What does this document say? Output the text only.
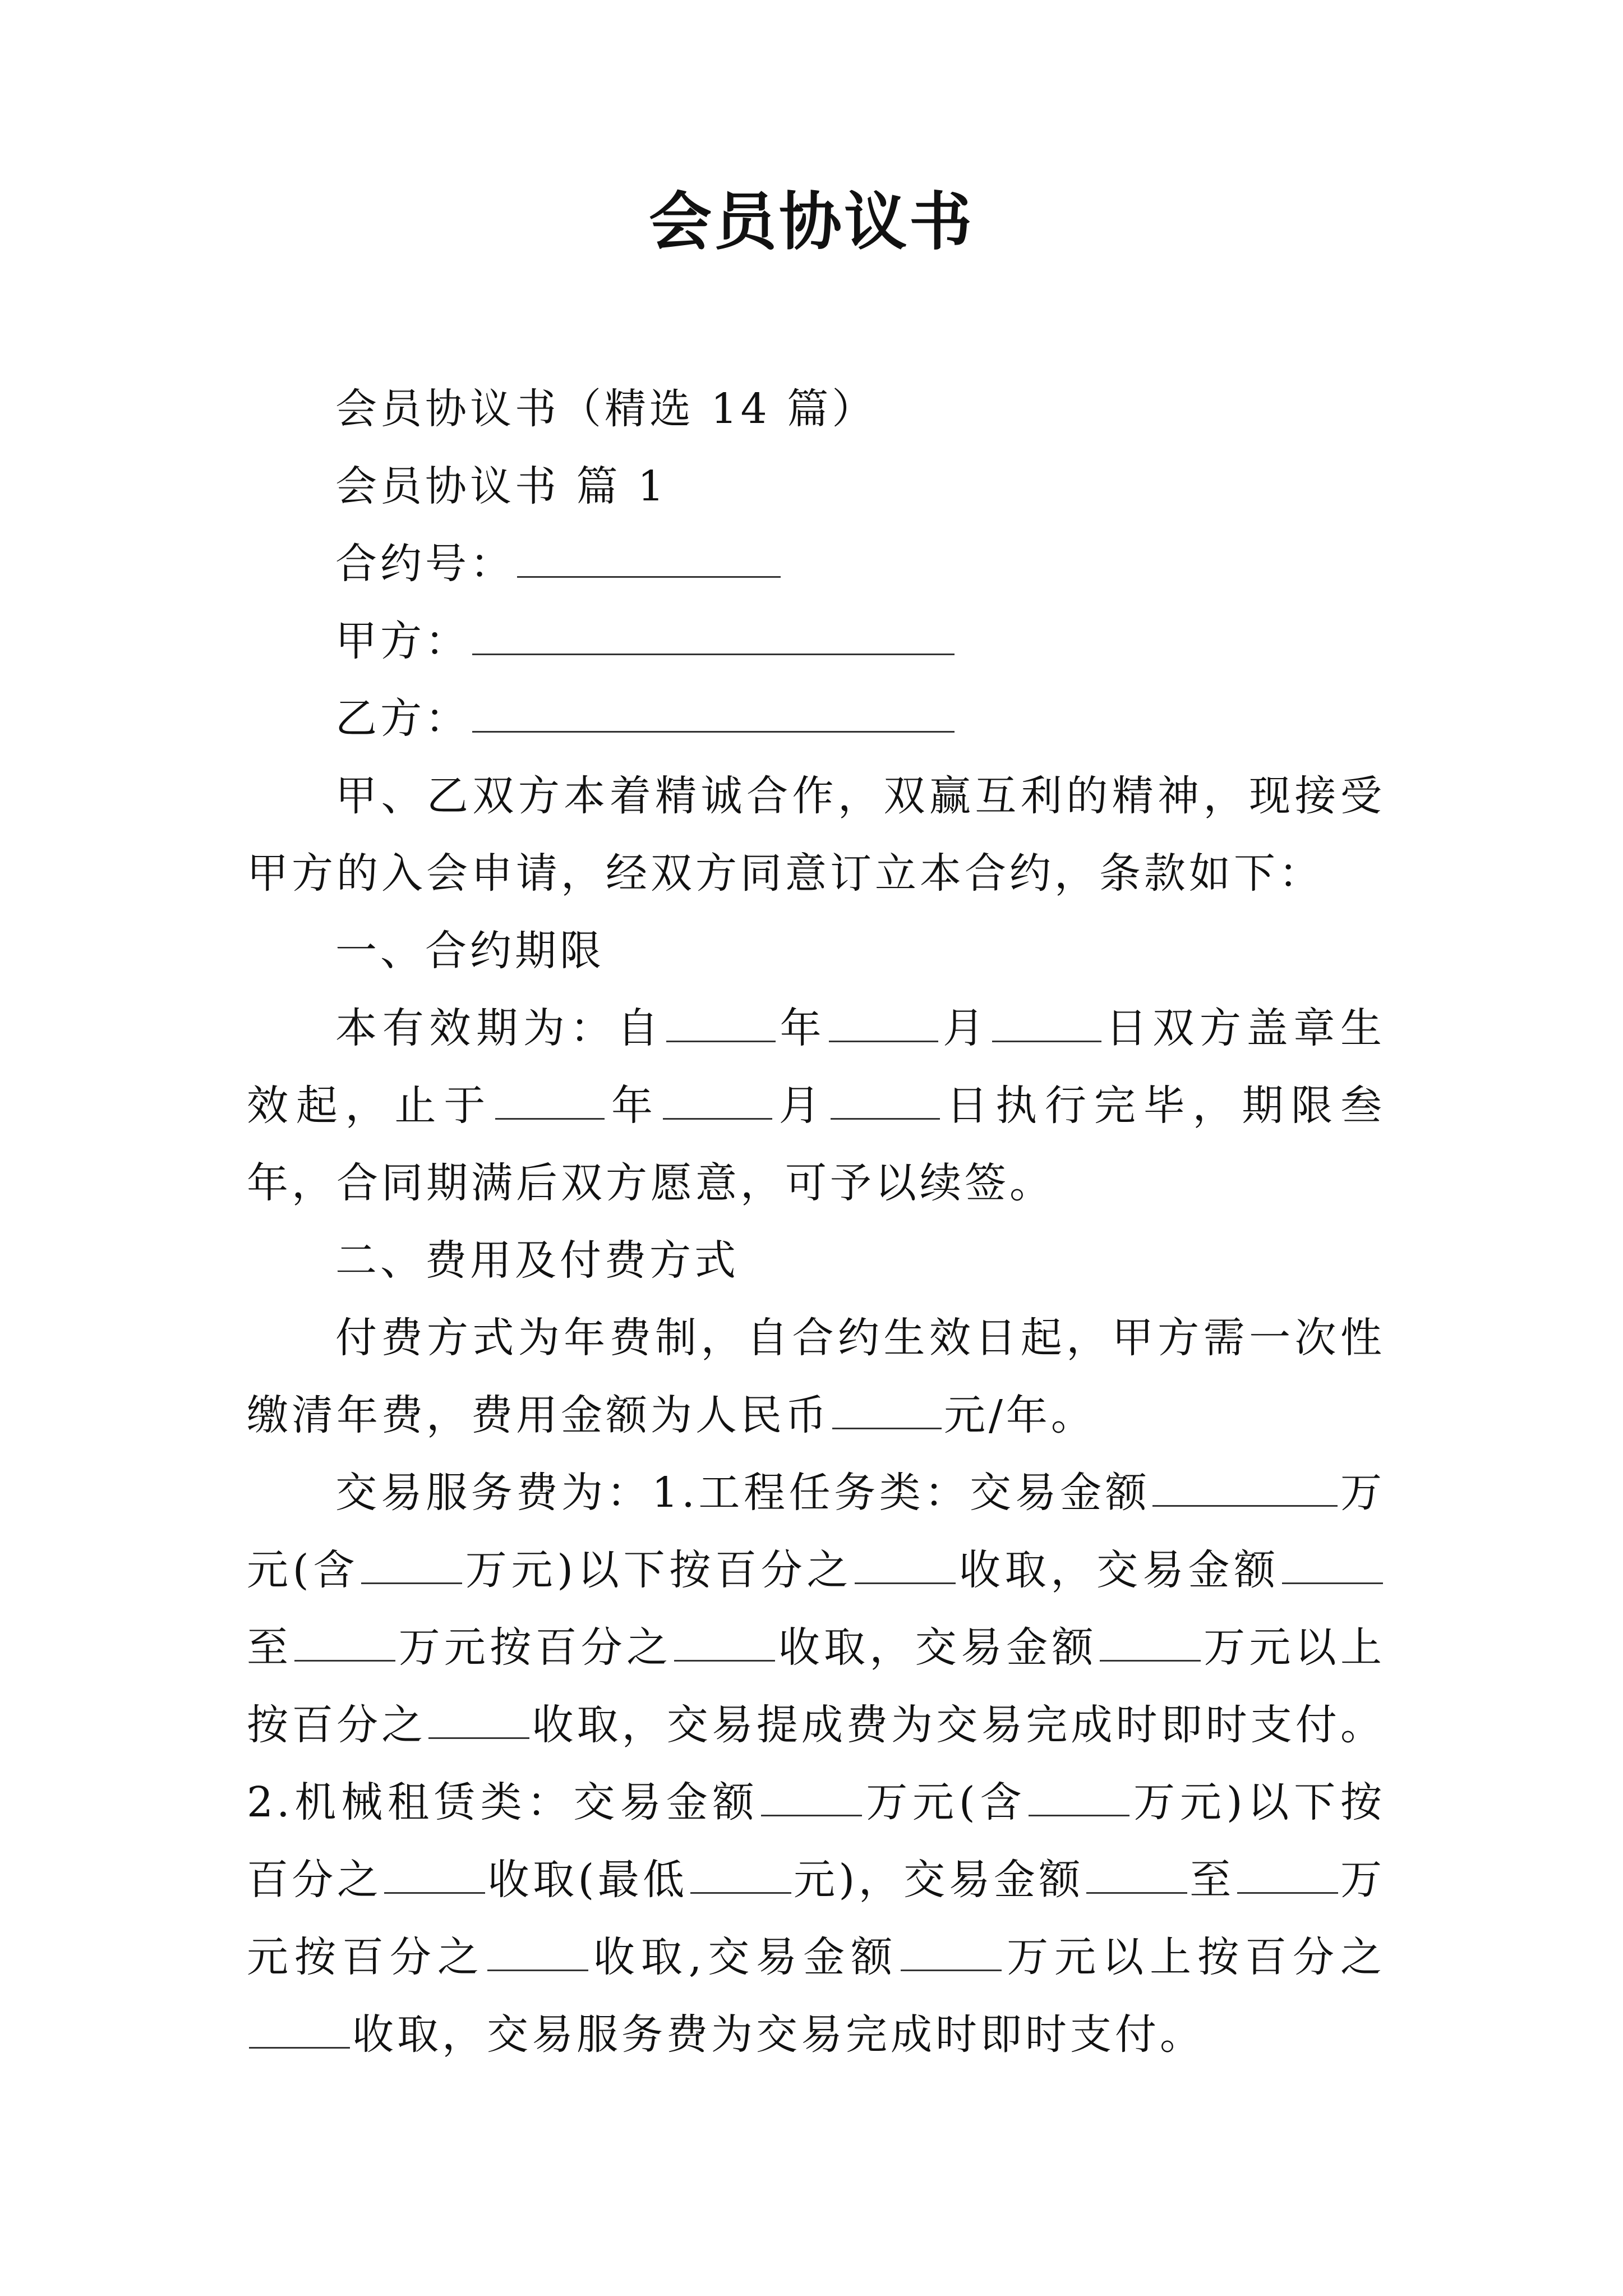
会员协议书

会员协议书（精选 14 篇）

会员协议书 篇 1

合约号：

甲方：

乙方：

甲、乙双方本着精诚合作，双赢互利的精神，现接受甲方的入会申请，经双方同意订立本合约，条款如下：

一、合约期限

本有效期为：自	年	月	日双方盖章生效起，止于	年	月	日执行完毕，期限叁年，合同期满后双方愿意，可予以续签。

二、费用及付费方式

付费方式为年费制，自合约生效日起，甲方需一次性缴清年费，费用金额为人民币	元/年。

交易服务费为：1.工程任务类：交易金额	万元(含	万元)以下按百分之	收取，交易金额至	万元按百分之	收取，交易金额	万元以上按百分之	收取，交易提成费为交易完成时即时支付。2.机械租赁类：交易金额	万元(含	万元)以下按百分之	收取(最低	元)，交易金额	至	万元按百分之	收取,交易金额	万元以上按百分之收取，交易服务费为交易完成时即时支付。
